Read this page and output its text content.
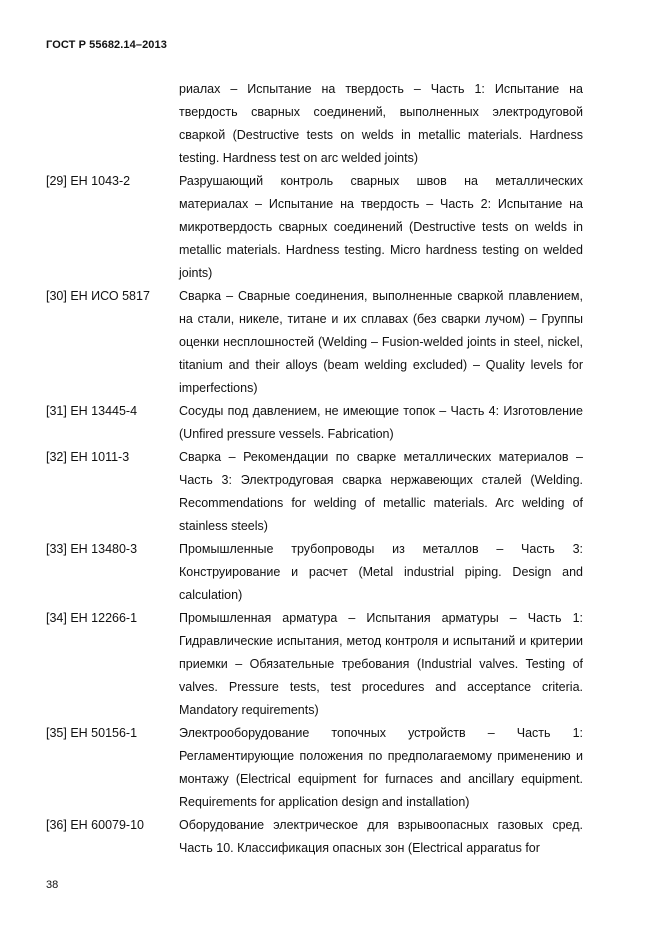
ГОСТ Р 55682.14–2013
риалах – Испытание на твердость – Часть 1: Испытание на твердость сварных соединений, выполненных электродуговой сваркой (Destructive tests on welds in metallic materials. Hardness testing. Hardness test on arc welded joints)
[29] ЕН 1043-2	Разрушающий контроль сварных швов на металлических материалах – Испытание на твердость – Часть 2: Испытание на микротвердость сварных соединений (Destructive tests on welds in metallic materials. Hardness testing. Micro hardness testing on welded joints)
[30] ЕН ИСО 5817	Сварка – Сварные соединения, выполненные сваркой плавлением, на стали, никеле, титане и их сплавах (без сварки лучом) – Группы оценки несплошностей (Welding – Fusion-welded joints in steel, nickel, titanium and their alloys (beam welding excluded) – Quality levels for imperfections)
[31] ЕН 13445-4	Сосуды под давлением, не имеющие топок – Часть 4: Изготовление (Unfired pressure vessels. Fabrication)
[32] ЕН 1011-3	Сварка – Рекомендации по сварке металлических материалов – Часть 3: Электродуговая сварка нержавеющих сталей (Welding. Recommendations for welding of metallic materials. Arc welding of stainless steels)
[33] ЕН 13480-3	Промышленные трубопроводы из металлов – Часть 3: Конструирование и расчет (Metal industrial piping. Design and calculation)
[34] ЕН 12266-1	Промышленная арматура – Испытания арматуры – Часть 1: Гидравлические испытания, метод контроля и испытаний и критерии приемки – Обязательные требования (Industrial valves. Testing of valves. Pressure tests, test procedures and acceptance criteria. Mandatory requirements)
[35] ЕН 50156-1	Электрооборудование топочных устройств – Часть 1: Регламентирующие положения по предполагаемому применению и монтажу (Electrical equipment for furnaces and ancillary equipment. Requirements for application design and installation)
[36] ЕН 60079-10	Оборудование электрическое для взрывоопасных газовых сред. Часть 10. Классификация опасных зон (Electrical apparatus for
38
